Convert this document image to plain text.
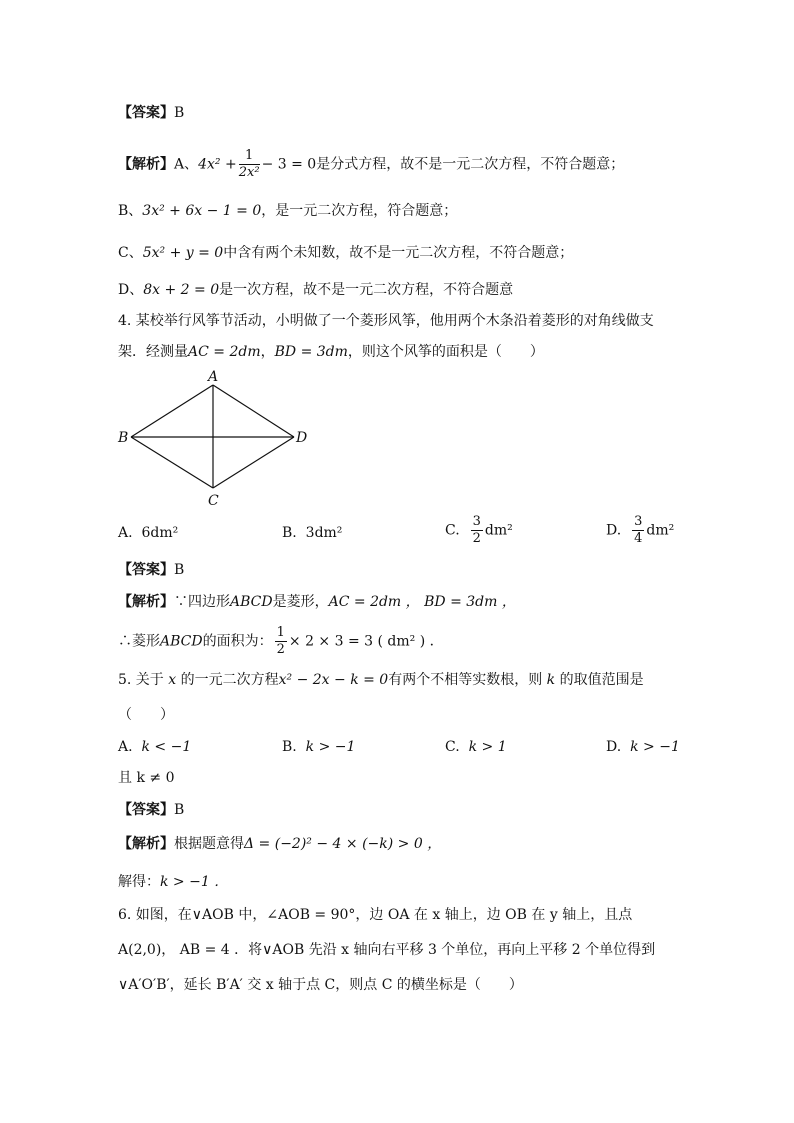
【答案】B
【解析】A、$4x^2 + \frac{1}{\text{2x²}} - 3 = 0$是分式方程，故不是一元二次方程，不符合题意；
B、3x² + 6x − 1 = 0，是一元二次方程，符合题意；
C、5x² + y = 0中含有两个未知数，故不是一元二次方程，不符合题意；
D、8x + 2 = 0是一次方程，故不是一元二次方程，不符合题意
4. 某校举行风筝节活动，小明做了一个菱形风筝，他用两个木条沿着菱形的对角线做支
架．经测量AC = 2dm，BD = 3dm，则这个风筝的面积是（　　）
A
B
C
D
A. 6dm²	B. 3dm²	C. $\frac{3}{2} dm^2$	D. $\frac{3}{4} dm^2$
【答案】B
【解析】∵四边形ABCD是菱形，AC = 2dm ， BD = 3dm ，
∴菱形ABCD的面积为： $\frac{1}{2} \times 2 \times 3 = 3$ ( dm² ) ．
5. 关于 x 的一元二次方程x² − 2x − k = 0有两个不相等实数根，则 k 的取值范围是
（　　）
A. k < −1	B. k > −1	C. k > 1	D. k > −1
且 k ≠ 0
【答案】B
【解析】根据题意得Δ = (−2)² − 4 × (−k) > 0 ，
解得：k > −1 ．
6. 如图，在∨AOB 中，∠AOB = 90°，边 OA 在 x 轴上，边 OB 在 y 轴上，且点
A(2,0)， AB = 4 ．将∨AOB 先沿 x 轴向右平移 3 个单位，再向上平移 2 个单位得到
∨A′O′B′，延长 B′A′ 交 x 轴于点 C，则点 C 的横坐标是（　　）
